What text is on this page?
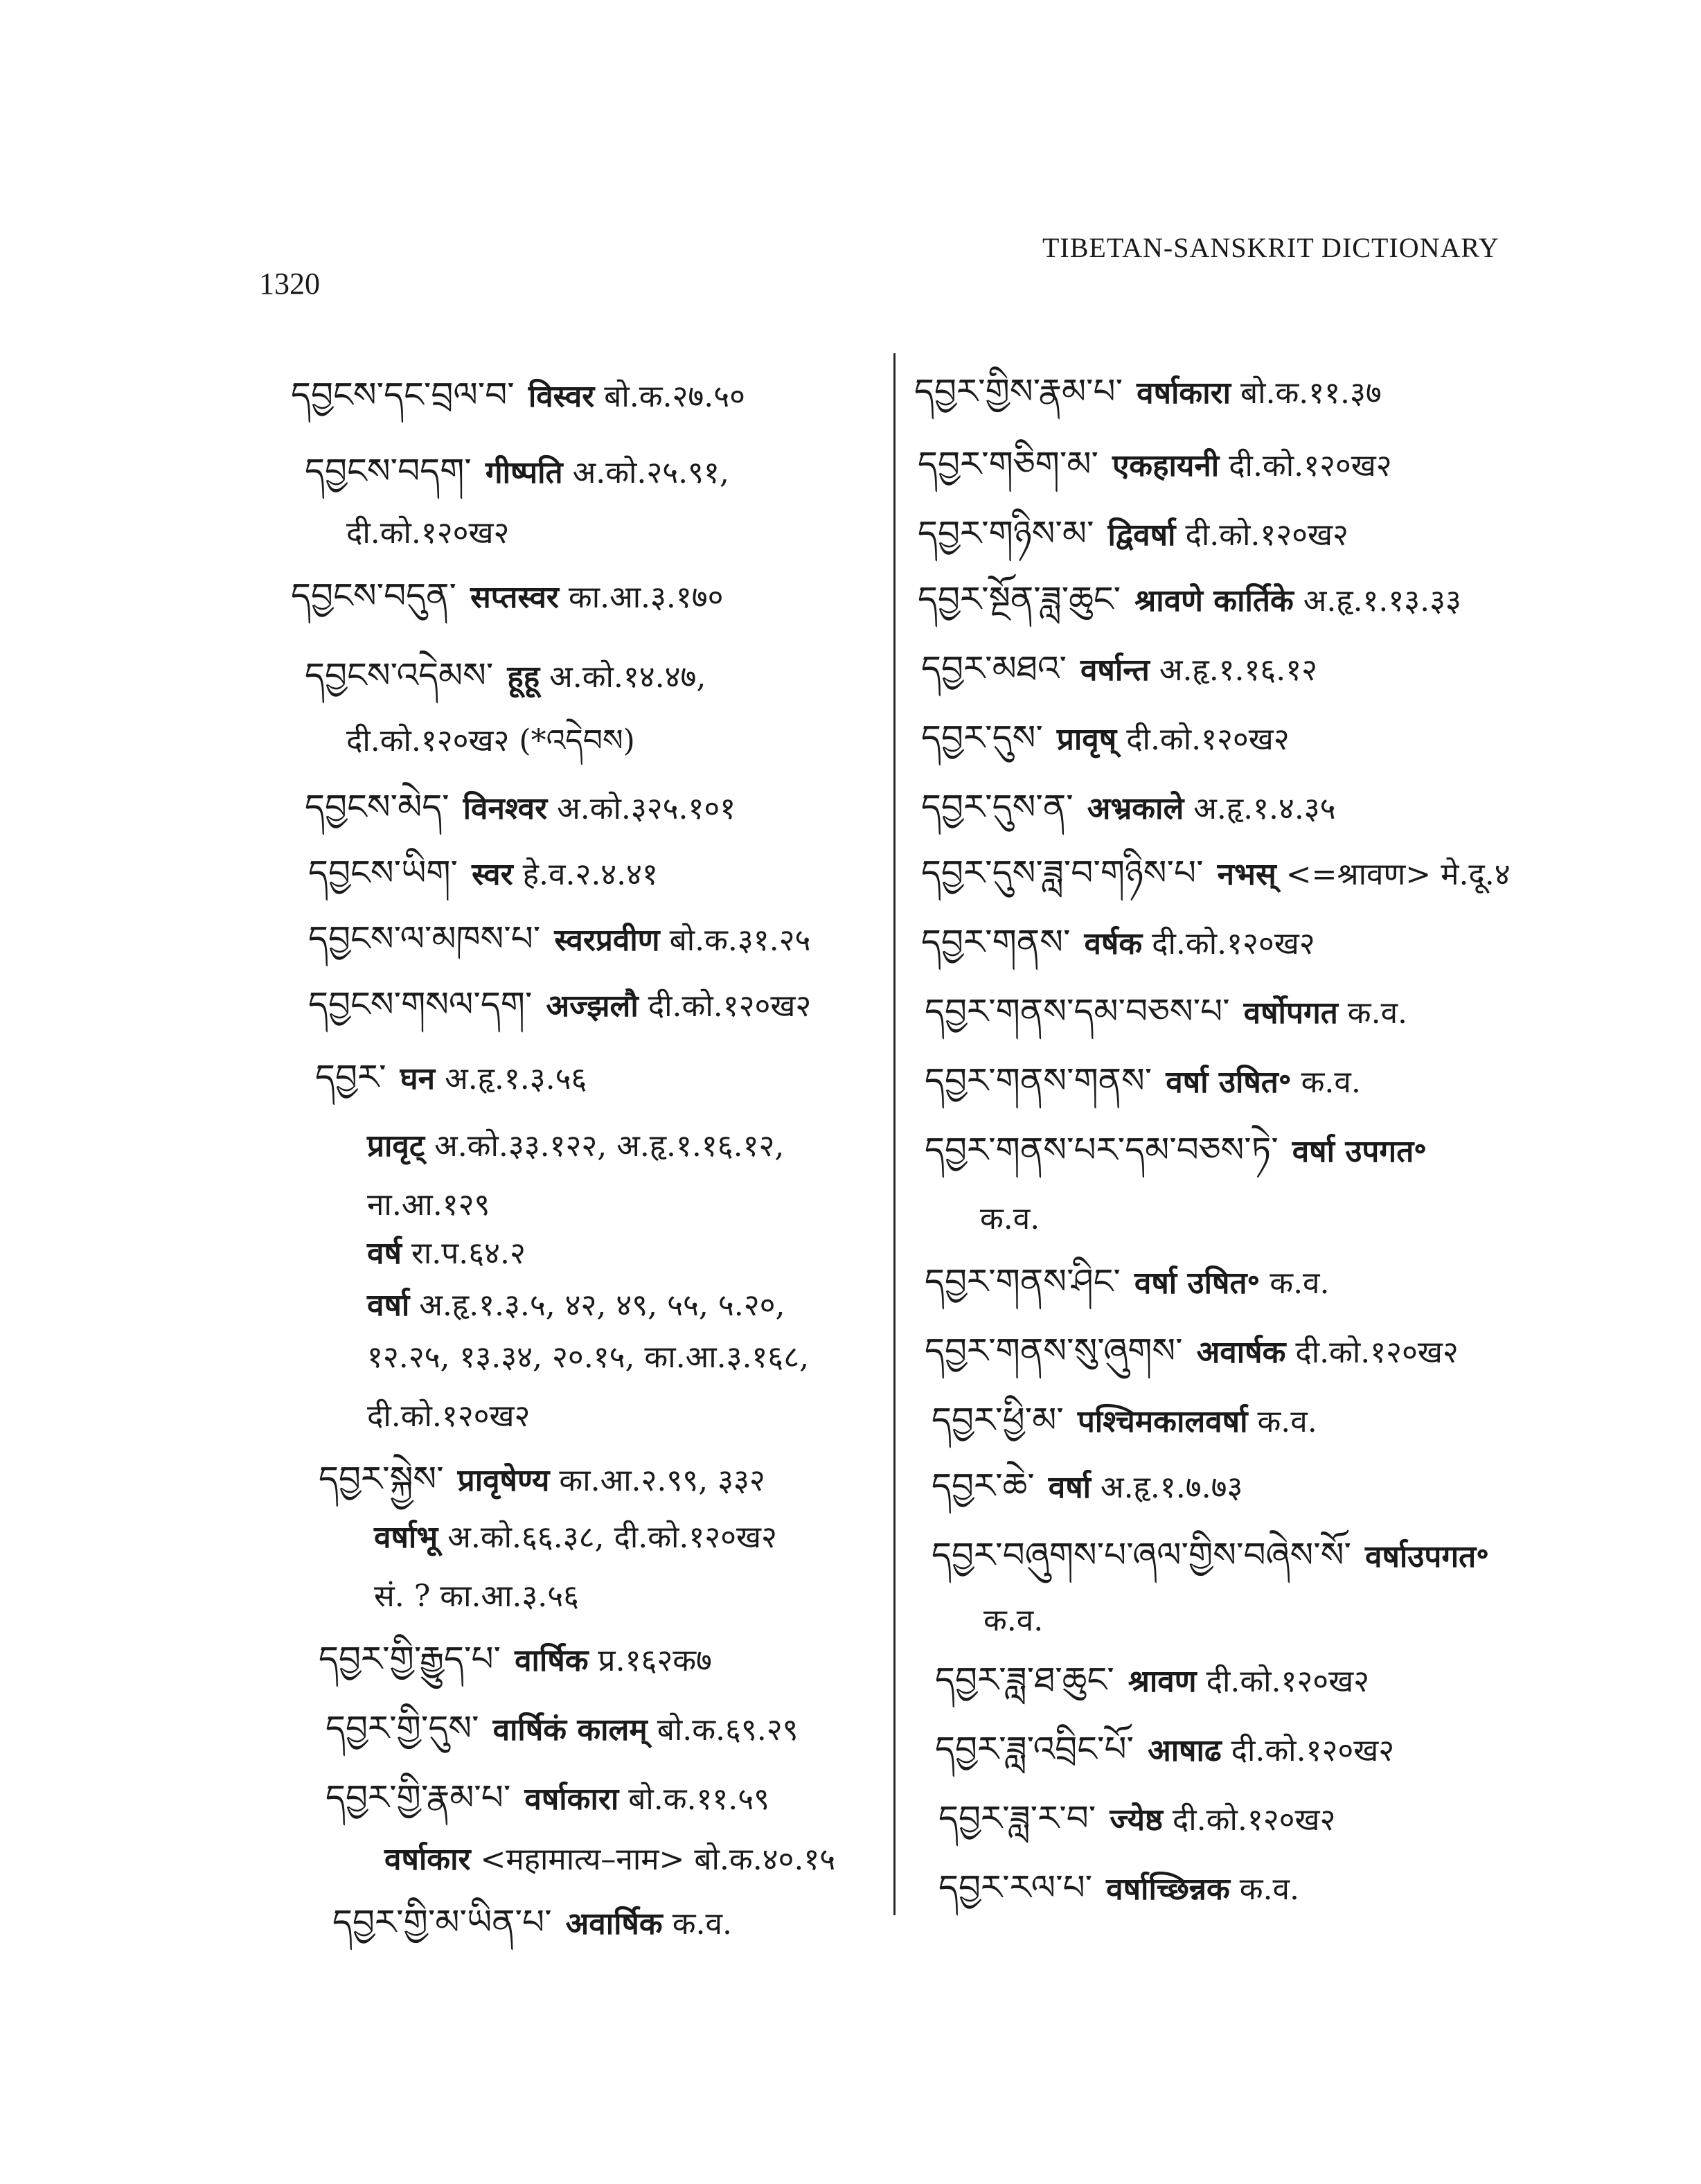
1320
TIBETAN-SANSKRIT DICTIONARY
དབྱངས་དང་བྲལ་བ་ विस्वर बो.क.२७.५०
དབྱངས་བདག་ गीष्पति अ.को.२५.९१,
दी.को.१२०ख२
དབྱངས་བདུན་ सप्तस्वर का.आ.३.१७०
དབྱངས་འདེམས་ हूहू अ.को.१४.४७,
दी.को.१२०ख२ (*འདེབས)
དབྱངས་མེད་ विनश्वर अ.को.३२५.१०१
དབྱངས་ཡིག་ स्वर हे.व.२.४.४१
དབྱངས་ལ་མཁས་པ་ स्वरप्रवीण बो.क.३१.२५
དབྱངས་གསལ་དག་ अज्झलौ दी.को.१२०ख२
དབྱར་ घन अ.हृ.१.३.५६
प्रावृट् अ.को.३३.१२२, अ.हृ.१.१६.१२,
ना.आ.१२९
वर्ष रा.प.६४.२
वर्षा अ.हृ.१.३.५, ४२, ४९, ५५, ५.२०,
१२.२५, १३.३४, २०.१५, का.आ.३.१६८,
दी.को.१२०ख२
དབྱར་སྐྱེས་ प्रावृषेण्य का.आ.२.९९, ३३२
वर्षाभू अ.को.६६.३८, दी.को.१२०ख२
सं. ? का.आ.३.५६
དབྱར་གྱི་རྒྱུད་པ་ वार्षिक प्र.१६२क७
དབྱར་གྱི་དུས་ वार्षिकं कालम् बो.क.६९.२९
དབྱར་གྱི་རྣམ་པ་ वर्षाकारा बो.क.११.५९
वर्षाकार <महामात्य–नाम> बो.क.४०.१५
དབྱར་གྱི་མ་ཡིན་པ་ अवार्षिक क.व.
དབྱར་གྱིས་རྣམ་པ་ वर्षाकारा बो.क.११.३७
དབྱར་གཅིག་མ་ एकहायनी दी.को.१२०ख२
དབྱར་གཉིས་མ་ द्विवर्षा दी.को.१२०ख२
དབྱར་སྔོན་ཟླ་ཆུང་ श्रावणे कार्तिके अ.हृ.१.१३.३३
དབྱར་མཐའ་ वर्षान्त अ.हृ.१.१६.१२
དབྱར་དུས་ प्रावृष् दी.को.१२०ख२
དབྱར་དུས་ན་ अभ्रकाले अ.हृ.१.४.३५
དབྱར་དུས་ཟླ་བ་གཉིས་པ་ नभस् <=श्रावण> मे.दू.४
དབྱར་གནས་ वर्षक दी.को.१२०ख२
དབྱར་གནས་དམ་བཅས་པ་ वर्षोपगत क.व.
དབྱར་གནས་གནས་ वर्षा उषित॰ क.व.
དབྱར་གནས་པར་དམ་བཅས་ཏེ་ वर्षा उपगत॰
क.व.
དབྱར་གནས་ཤིང་ वर्षा उषित॰ क.व.
དབྱར་གནས་སུ་ཞུགས་ अवार्षक दी.को.१२०ख२
དབྱར་ཕྱི་མ་ पश्चिमकालवर्षा क.व.
དབྱར་ཆེ་ वर्षा अ.हृ.१.७.७३
དབྱར་བཞུགས་པ་ཞལ་གྱིས་བཞེས་སོ་ वर्षाउपगत॰
क.व.
དབྱར་ཟླ་ཐ་ཆུང་ श्रावण दी.को.१२०ख२
དབྱར་ཟླ་འབྲིང་པོ་ आषाढ दी.को.१२०ख२
དབྱར་ཟླ་ར་བ་ ज्येष्ठ दी.को.१२०ख२
དབྱར་རལ་པ་ वर्षाच्छिन्नक क.व.
